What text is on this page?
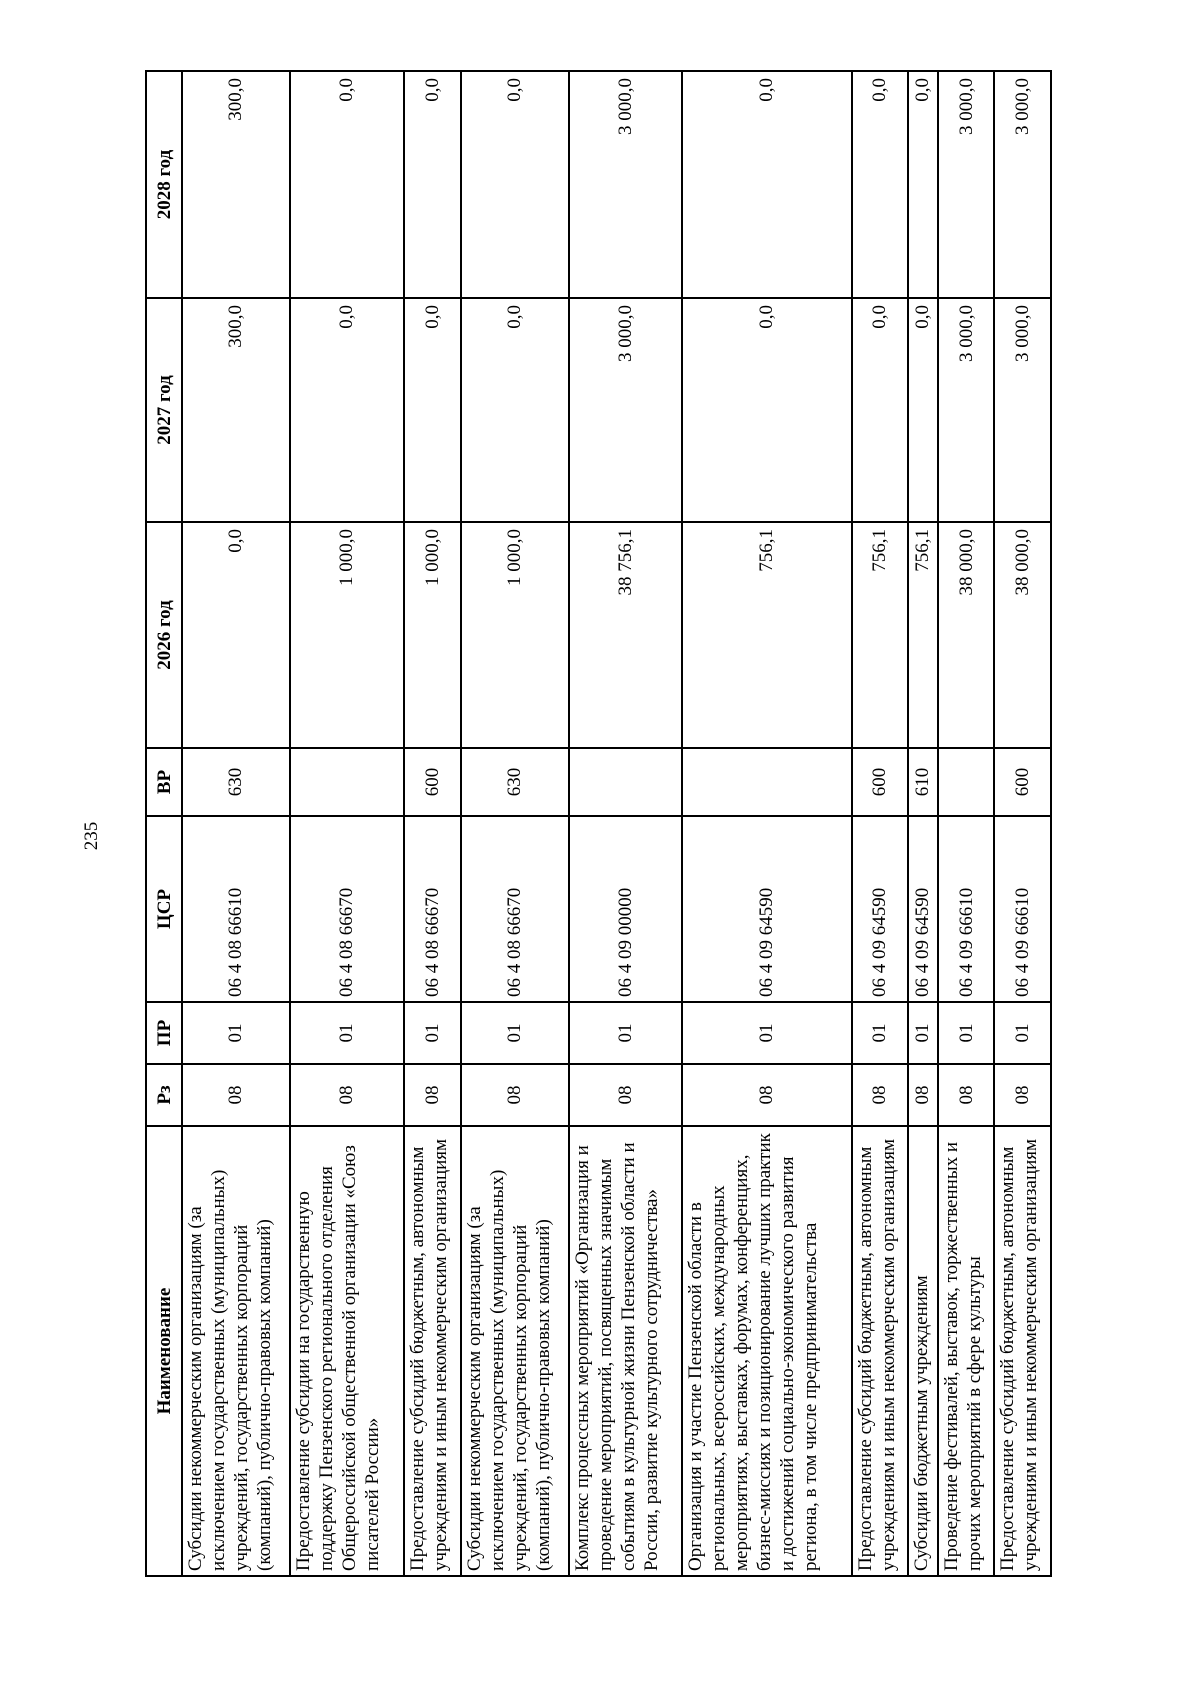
235
Наименование	Рз	ПР	ЦСР	ВР	2026 год	2027 год	2028 год
Субсидии некоммерческим организациям (за исключением государственных (муниципальных) учреждений, государственных корпораций (компаний), публично-правовых компаний)	08	01	06 4 08 66610	630	0,0	300,0	300,0
Предоставление субсидии на государственную поддержку Пензенского регионального отделения Общероссийской общественной организации «Союз писателей России»	08	01	06 4 08 66670		1 000,0	0,0	0,0
Предоставление субсидий бюджетным, автономным учреждениям и иным некоммерческим организациям	08	01	06 4 08 66670	600	1 000,0	0,0	0,0
Субсидии некоммерческим организациям (за исключением государственных (муниципальных) учреждений, государственных корпораций (компаний), публично-правовых компаний)	08	01	06 4 08 66670	630	1 000,0	0,0	0,0
Комплекс процессных мероприятий «Организация и проведение мероприятий, посвященных значимым событиям в культурной жизни Пензенской области и России, развитие культурного сотрудничества»	08	01	06 4 09 00000		38 756,1	3 000,0	3 000,0
Организация и участие Пензенской области в региональных, всероссийских, международных мероприятиях, выставках, форумах, конференциях, бизнес-миссиях и позиционирование лучших практик и достижений социально-экономического развития региона, в том числе предпринимательства	08	01	06 4 09 64590		756,1	0,0	0,0
Предоставление субсидий бюджетным, автономным учреждениям и иным некоммерческим организациям	08	01	06 4 09 64590	600	756,1	0,0	0,0
Субсидии бюджетным учреждениям	08	01	06 4 09 64590	610	756,1	0,0	0,0
Проведение фестивалей, выставок, торжественных и прочих мероприятий в сфере культуры	08	01	06 4 09 66610		38 000,0	3 000,0	3 000,0
Предоставление субсидий бюджетным, автономным учреждениям и иным некоммерческим организациям	08	01	06 4 09 66610	600	38 000,0	3 000,0	3 000,0
